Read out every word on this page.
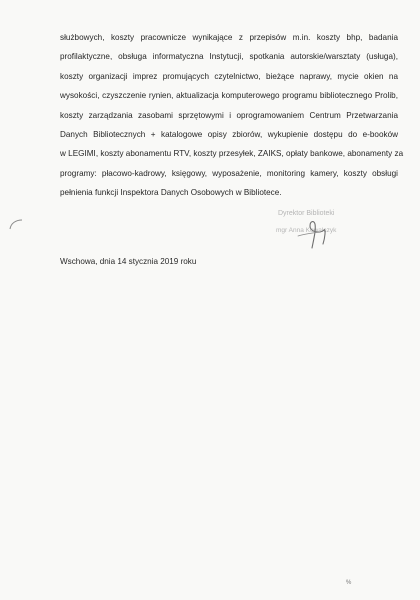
służbowych, koszty pracownicze wynikające z przepisów m.in. koszty bhp, badania
profilaktyczne, obsługa informatyczna Instytucji, spotkania autorskie/warsztaty (usługa),
koszty organizacji imprez promujących czytelnictwo, bieżące naprawy, mycie okien na
wysokości, czyszczenie rynien, aktualizacja komputerowego programu bibliotecznego Prolib,
koszty zarządzania zasobami sprzętowymi i oprogramowaniem Centrum Przetwarzania
Danych Bibliotecznych + katalogowe opisy zbiorów, wykupienie dostępu do e-booków
w LEGIMI, koszty abonamentu RTV, koszty przesyłek, ZAIKS, opłaty bankowe, abonamenty za
programy: płacowo-kadrowy, księgowy, wyposażenie, monitoring kamery, koszty obsługi
pełnienia funkcji Inspektora Danych Osobowych w Bibliotece.
Dyrektor Biblioteki
mgr Anna Kowalczyk
Wschowa, dnia 14 stycznia 2019 roku
%
